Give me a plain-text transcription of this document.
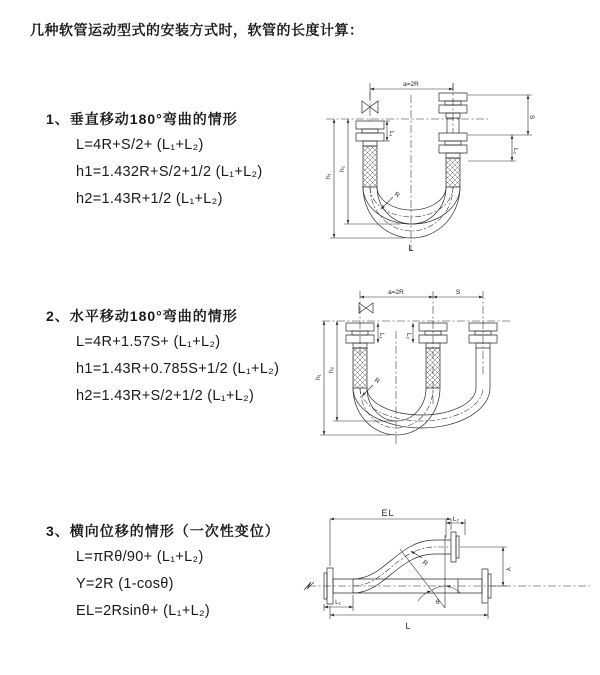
几种软管运动型式的安装方式时，软管的长度计算：
1、垂直移动180°弯曲的情形
L=4R+S/2+ (L₁+L₂)
h1=1.432R+S/2+1/2 (L₁+L₂)
h2=1.43R+1/2 (L₁+L₂)
2、水平移动180°弯曲的情形
L=4R+1.57S+ (L₁+L₂)
h1=1.43R+0.785S+1/2 (L₁+L₂)
h2=1.43R+S/2+1/2 (L₁+L₂)
3、横向位移的情形（一次性变位）
L=πRθ/90+ (L₁+L₂)
Y=2R (1-cosθ)
EL=2Rsinθ+ (L₁+L₂)
a=2R
L₁
S
L₂
h₁
h₂
R
L
a=2R	S
L₁	L₂
h₁
h₂
R
EL
L₂
Y
θ
R
L₁
L
